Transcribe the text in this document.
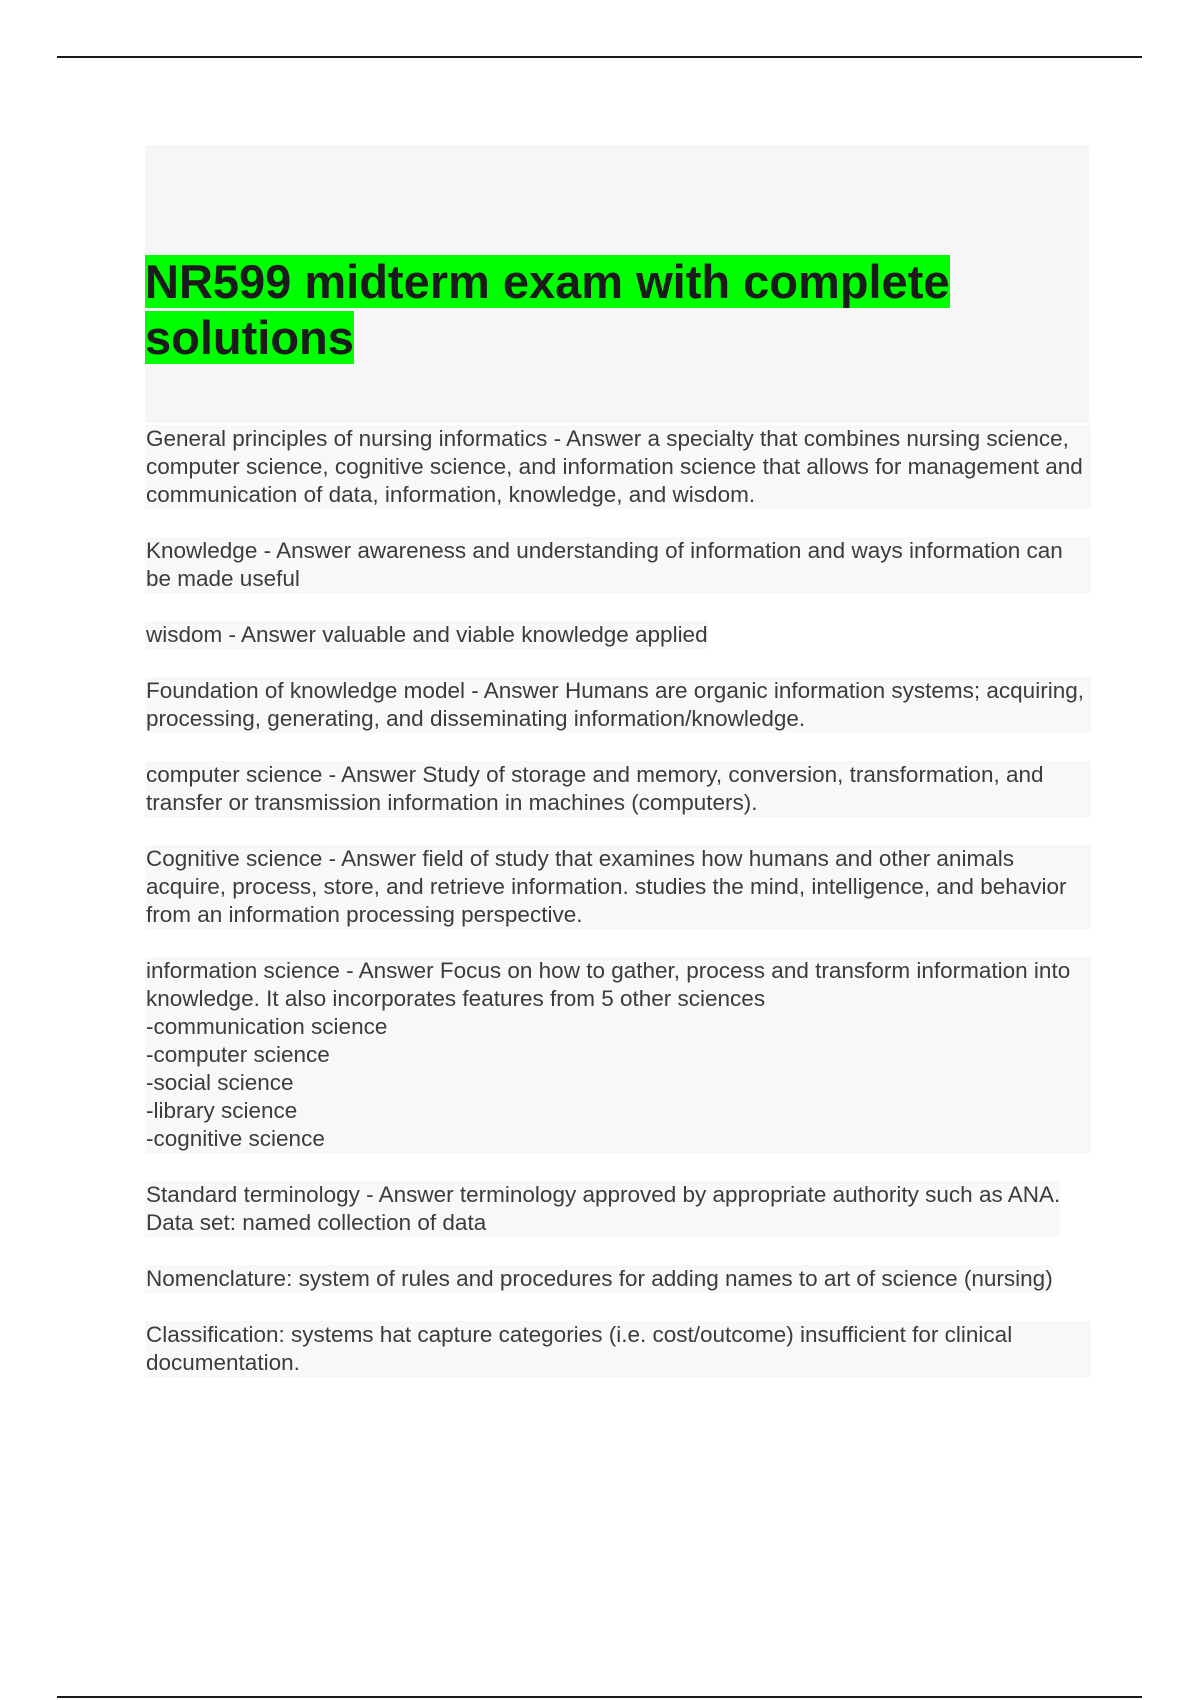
NR599 midterm exam with complete solutions

General principles of nursing informatics - Answer a specialty that combines nursing science, computer science, cognitive science, and information science that allows for management and communication of data, information, knowledge, and wisdom.

Knowledge - Answer awareness and understanding of information and ways information can be made useful

wisdom - Answer valuable and viable knowledge applied

Foundation of knowledge model - Answer Humans are organic information systems; acquiring, processing, generating, and disseminating information/knowledge.

computer science - Answer Study of storage and memory, conversion, transformation, and transfer or transmission information in machines (computers).

Cognitive science - Answer field of study that examines how humans and other animals acquire, process, store, and retrieve information. studies the mind, intelligence, and behavior from an information processing perspective.

information science - Answer Focus on how to gather, process and transform information into knowledge. It also incorporates features from 5 other sciences
-communication science
-computer science
-social science
-library science
-cognitive science
Standard terminology - Answer terminology approved by appropriate authority such as ANA.
Data set: named collection of data

Nomenclature: system of rules and procedures for adding names to art of science (nursing)

Classification: systems hat capture categories (i.e. cost/outcome) insufficient for clinical documentation.
